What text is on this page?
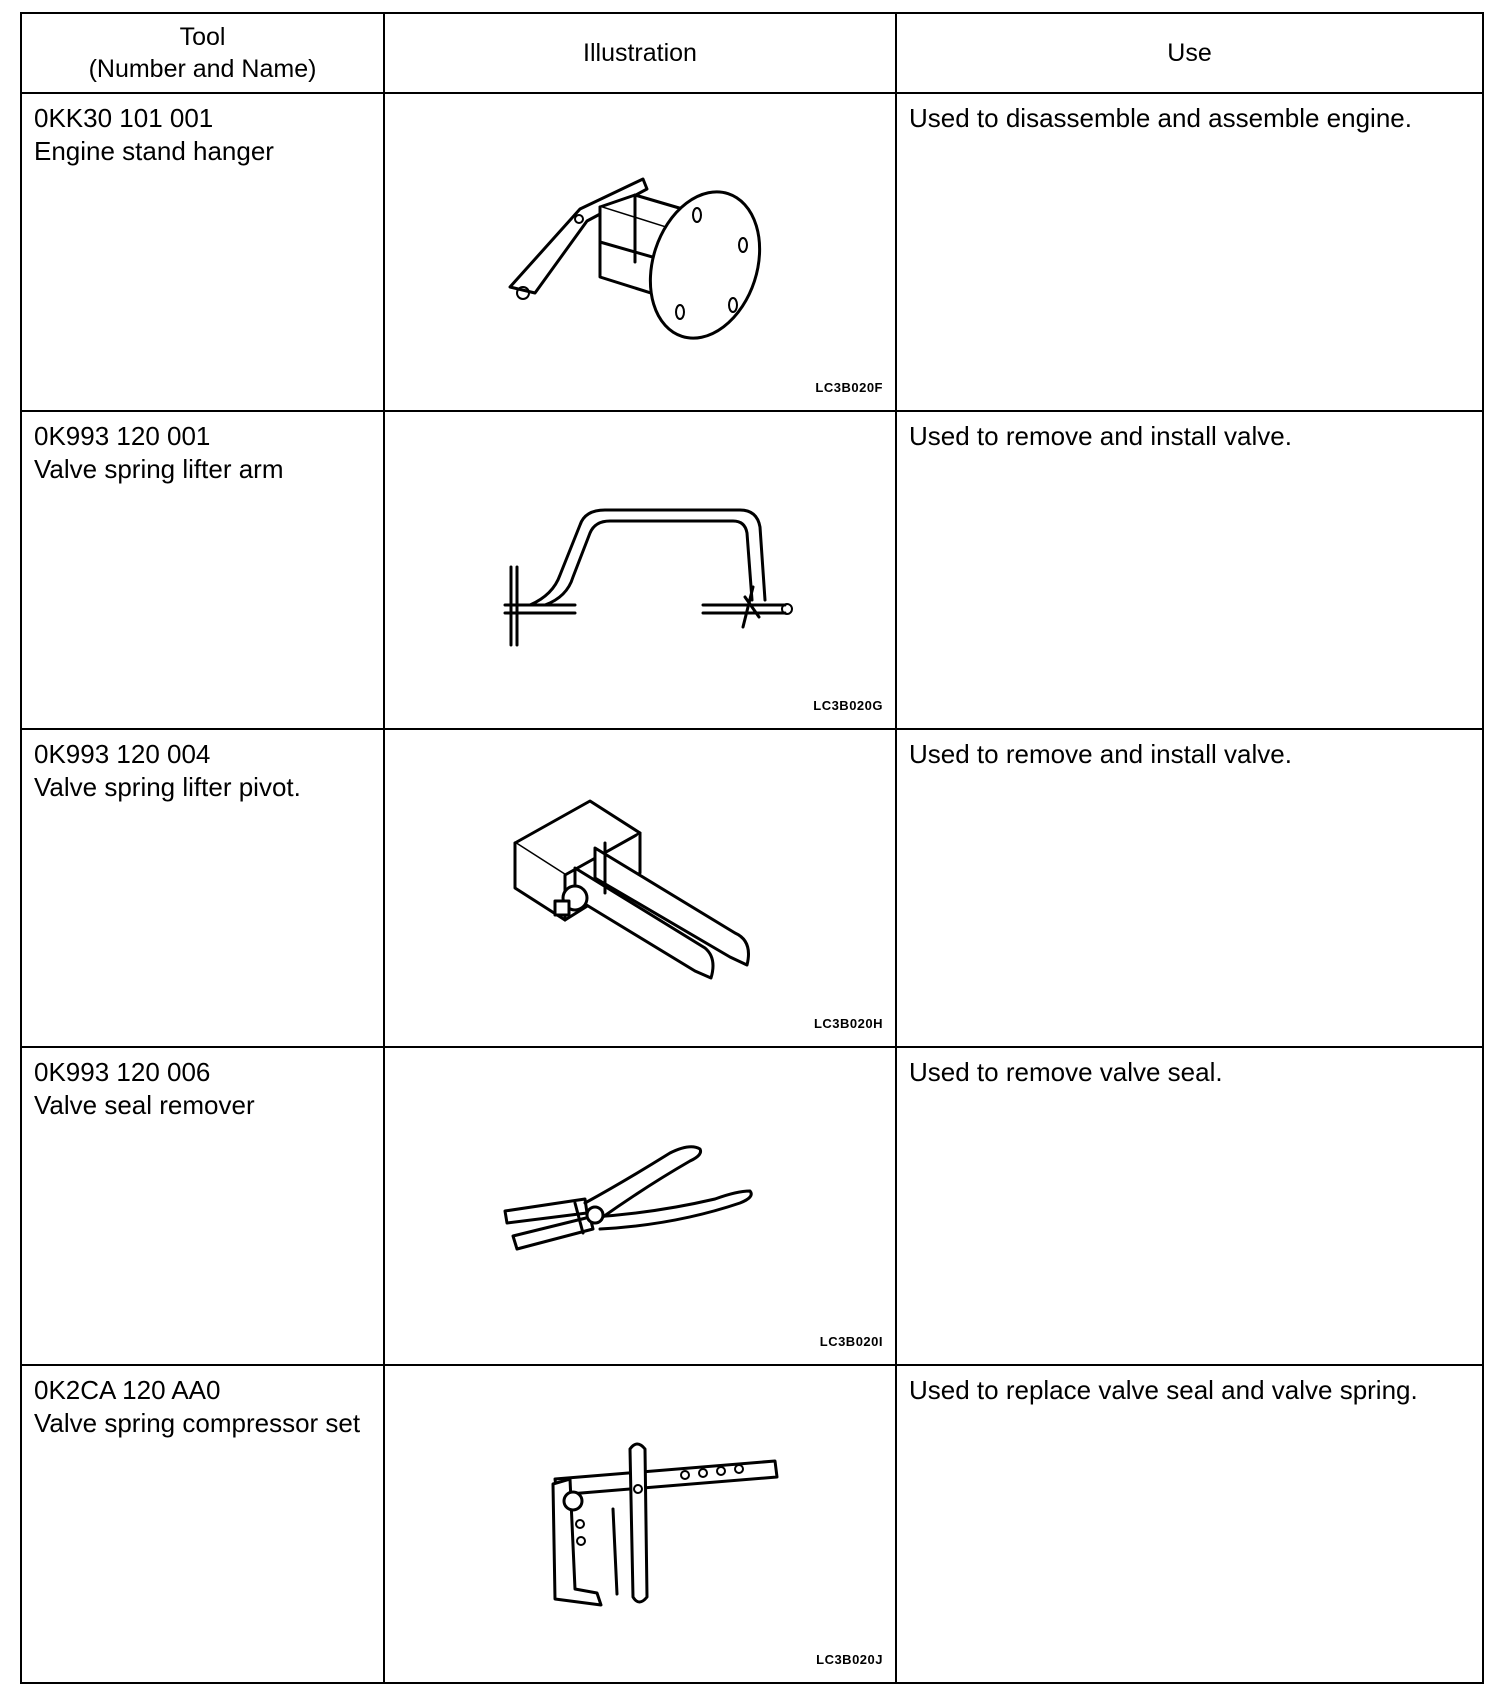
Tool
(Number and Name)	Illustration	Use

0KK30 101 001
Engine stand hanger	LC3B020F	Used to disassemble and assemble engine.

0K993 120 001
Valve spring lifter arm	LC3B020G	Used to remove and install valve.

0K993 120 004
Valve spring lifter pivot.	LC3B020H	Used to remove and install valve.

0K993 120 006
Valve seal remover	LC3B020I	Used to remove valve seal.

0K2CA 120 AA0
Valve spring compressor set	LC3B020J	Used to replace valve seal and valve spring.
